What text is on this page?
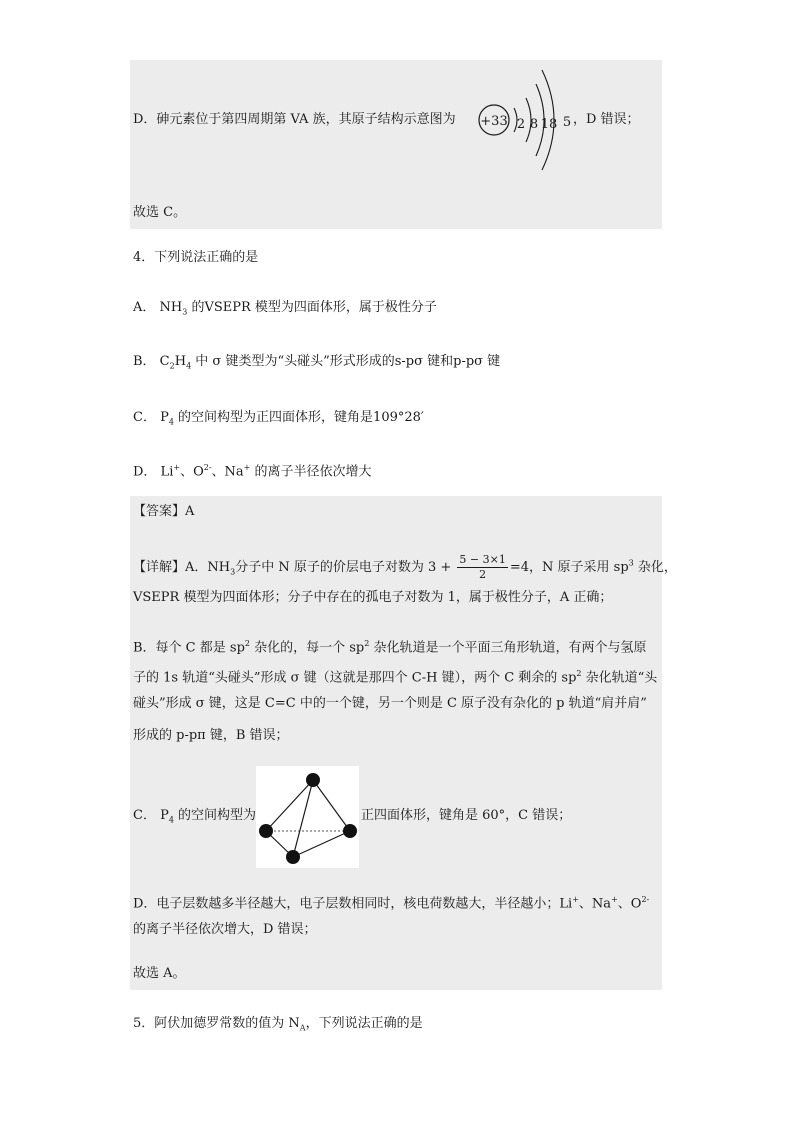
D．砷元素位于第四周期第 VA 族，其原子结构示意图为 +33 2 8 18 5 ，D 错误；
故选 C。
4．下列说法正确的是
A． $NH_3$ 的VSEPR 模型为四面体形，属于极性分子
B． $C_2H_4$ 中 σ 键类型为“头碰头”形式形成的s-pσ 键和p-pσ 键
C． $P_4$ 的空间构型为正四面体形，键角是109°28′
D． Li+、$O^{2-}$、Na+ 的离子半径依次增大
【答案】A
【详解】A．$NH_3$分子中 N 原子的价层电子对数为 $3 + \frac{5 - 3\times 1}{2} =4$，N 原子采用 $sp^3$ 杂化，
VSEPR 模型为四面体形；分子中存在的孤电子对数为 1，属于极性分子，A 正确；
B．每个 C 都是 $sp^2$ 杂化的，每一个 $sp^2$ 杂化轨道是一个平面三角形轨道，有两个与氢原
子的 1s 轨道“头碰头”形成 σ 键（这就是那四个 C-H 键），两个 C 剩余的 $sp^2$ 杂化轨道“头
碰头”形成 σ 键，这是 C=C 中的一个键，另一个则是 C 原子没有杂化的 p 轨道“肩并肩”
形成的 p-pπ 键，B 错误；
C． $P_4$ 的空间构型为	正四面体形，键角是 60°，C 错误；
D．电子层数越多半径越大，电子层数相同时，核电荷数越大，半径越小；Li+、Na+、$O^{2-}$
的离子半径依次增大，D 错误；
故选 A。
5．阿伏加德罗常数的值为 $N_A$，下列说法正确的是
